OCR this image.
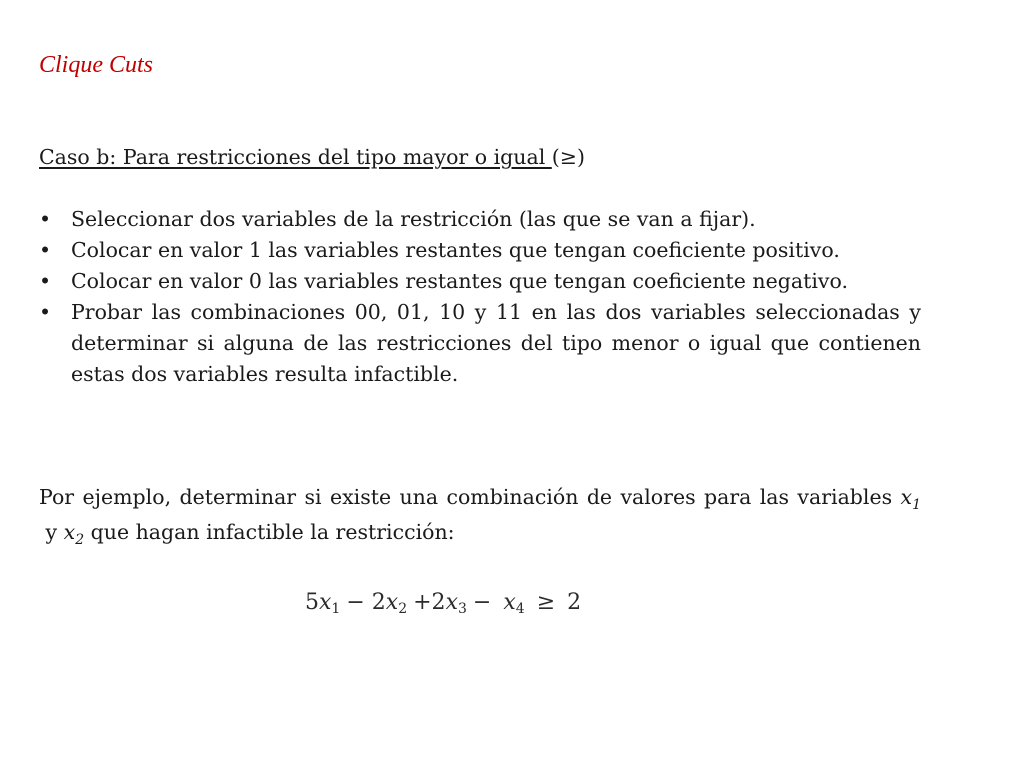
Clique Cuts

Caso b: Para restricciones del tipo mayor o igual (≥)

• Seleccionar dos variables de la restricción (las que se van a fijar).
• Colocar en valor 1 las variables restantes que tengan coeficiente positivo.
• Colocar en valor 0 las variables restantes que tengan coeficiente negativo.
• Probar las combinaciones 00, 01, 10 y 11 en las dos variables seleccionadas y determinar si alguna de las restricciones del tipo menor o igual que contienen estas dos variables resulta infactible.

Por ejemplo, determinar si existe una combinación de valores para las variables $x_1$ y $x_2$ que hagan infactible la restricción:

$5x_1 - 2x_2 +2x_3 - x_4 \ge 2$
